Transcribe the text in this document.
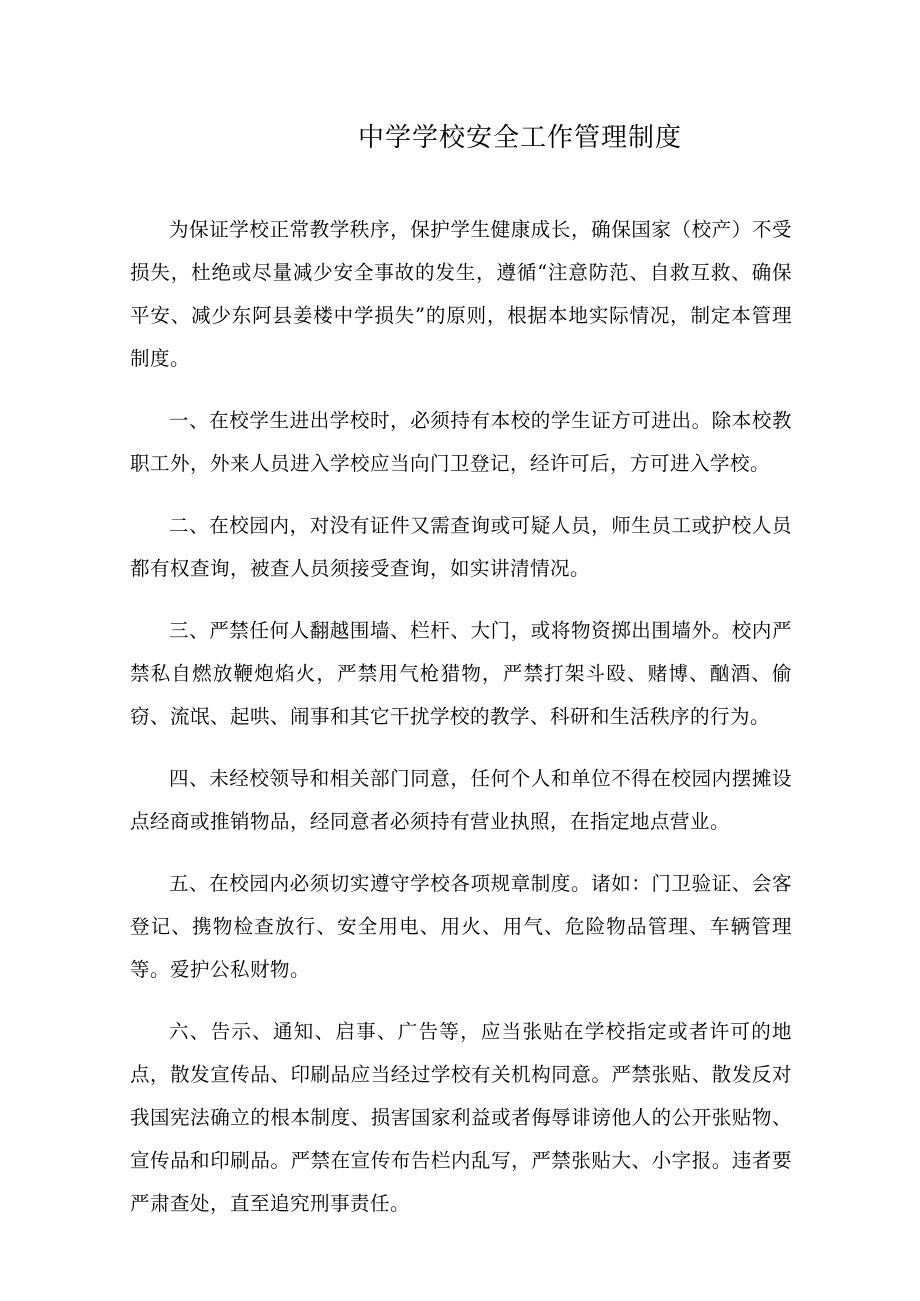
中学学校安全工作管理制度

为保证学校正常教学秩序，保护学生健康成长，确保国家（校产）不受损失，杜绝或尽量减少安全事故的发生，遵循“注意防范、自救互救、确保平安、减少东阿县姜楼中学损失”的原则，根据本地实际情况，制定本管理制度。

一、在校学生进出学校时，必须持有本校的学生证方可进出。除本校教职工外，外来人员进入学校应当向门卫登记，经许可后，方可进入学校。

二、在校园内，对没有证件又需查询或可疑人员，师生员工或护校人员都有权查询，被查人员须接受查询，如实讲清情况。

三、严禁任何人翻越围墙、栏杆、大门，或将物资掷出围墙外。校内严禁私自燃放鞭炮焰火，严禁用气枪猎物，严禁打架斗殴、赌博、酗酒、偷窃、流氓、起哄、闹事和其它干扰学校的教学、科研和生活秩序的行为。

四、未经校领导和相关部门同意，任何个人和单位不得在校园内摆摊设点经商或推销物品，经同意者必须持有营业执照，在指定地点营业。

五、在校园内必须切实遵守学校各项规章制度。诸如：门卫验证、会客登记、携物检查放行、安全用电、用火、用气、危险物品管理、车辆管理等。爱护公私财物。

六、告示、通知、启事、广告等，应当张贴在学校指定或者许可的地点，散发宣传品、印刷品应当经过学校有关机构同意。严禁张贴、散发反对我国宪法确立的根本制度、损害国家利益或者侮辱诽谤他人的公开张贴物、宣传品和印刷品。严禁在宣传布告栏内乱写，严禁张贴大、小字报。违者要严肃查处，直至追究刑事责任。
